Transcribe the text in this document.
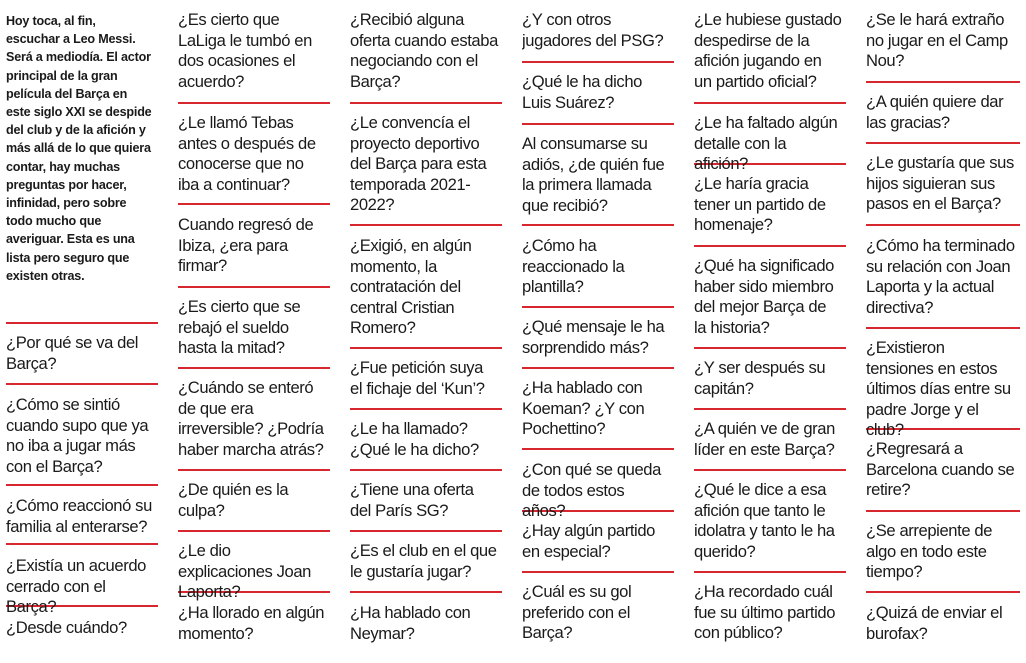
Hoy toca, al fin, escuchar a Leo Messi. Será a mediodía. El actor principal de la gran película del Barça en este siglo XXI se despide del club y de la afición y más allá de lo que quiera contar, hay muchas preguntas por hacer, infinidad, pero sobre todo mucho que averiguar. Esta es una lista pero seguro que existen otras.

¿Por qué se va del Barça?

¿Cómo se sintió cuando supo que ya no iba a jugar más con el Barça?

¿Cómo reaccionó su familia al enterarse?

¿Existía un acuerdo cerrado con el Barça?

¿Desde cuándo?

¿Es cierto que LaLiga le tumbó en dos ocasiones el acuerdo?

¿Le llamó Tebas antes o después de conocerse que no iba a continuar?

Cuando regresó de Ibiza, ¿era para firmar?

¿Es cierto que se rebajó el sueldo hasta la mitad?

¿Cuándo se enteró de que era irreversible? ¿Podría haber marcha atrás?

¿De quién es la culpa?

¿Le dio explicaciones Joan Laporta?

¿Ha llorado en algún momento?

¿Recibió alguna oferta cuando estaba negociando con el Barça?

¿Le convencía el proyecto deportivo del Barça para esta temporada 2021-2022?

¿Exigió, en algún momento, la contratación del central Cristian Romero?

¿Fue petición suya el fichaje del ‘Kun’?

¿Le ha llamado? ¿Qué le ha dicho?

¿Tiene una oferta del París SG?

¿Es el club en el que le gustaría jugar?

¿Ha hablado con Neymar?

¿Y con otros jugadores del PSG?

¿Qué le ha dicho Luis Suárez?

Al consumarse su adiós, ¿de quién fue la primera llamada que recibió?

¿Cómo ha reaccionado la plantilla?

¿Qué mensaje le ha sorprendido más?

¿Ha hablado con Koeman? ¿Y con Pochettino?

¿Con qué se queda de todos estos años?

¿Hay algún partido en especial?

¿Cuál es su gol preferido con el Barça?

¿Le hubiese gustado despedirse de la afición jugando en un partido oficial?

¿Le ha faltado algún detalle con la afición?

¿Le haría gracia tener un partido de homenaje?

¿Qué ha significado haber sido miembro del mejor Barça de la historia?

¿Y ser después su capitán?

¿A quién ve de gran líder en este Barça?

¿Qué le dice a esa afición que tanto le idolatra y tanto le ha querido?

¿Ha recordado cuál fue su último partido con público?

¿Se le hará extraño no jugar en el Camp Nou?

¿A quién quiere dar las gracias?

¿Le gustaría que sus hijos siguieran sus pasos en el Barça?

¿Cómo ha terminado su relación con Joan Laporta y la actual directiva?

¿Existieron tensiones en estos últimos días entre su padre Jorge y el club?

¿Regresará a Barcelona cuando se retire?

¿Se arrepiente de algo en todo este tiempo?

¿Quizá de enviar el burofax?
